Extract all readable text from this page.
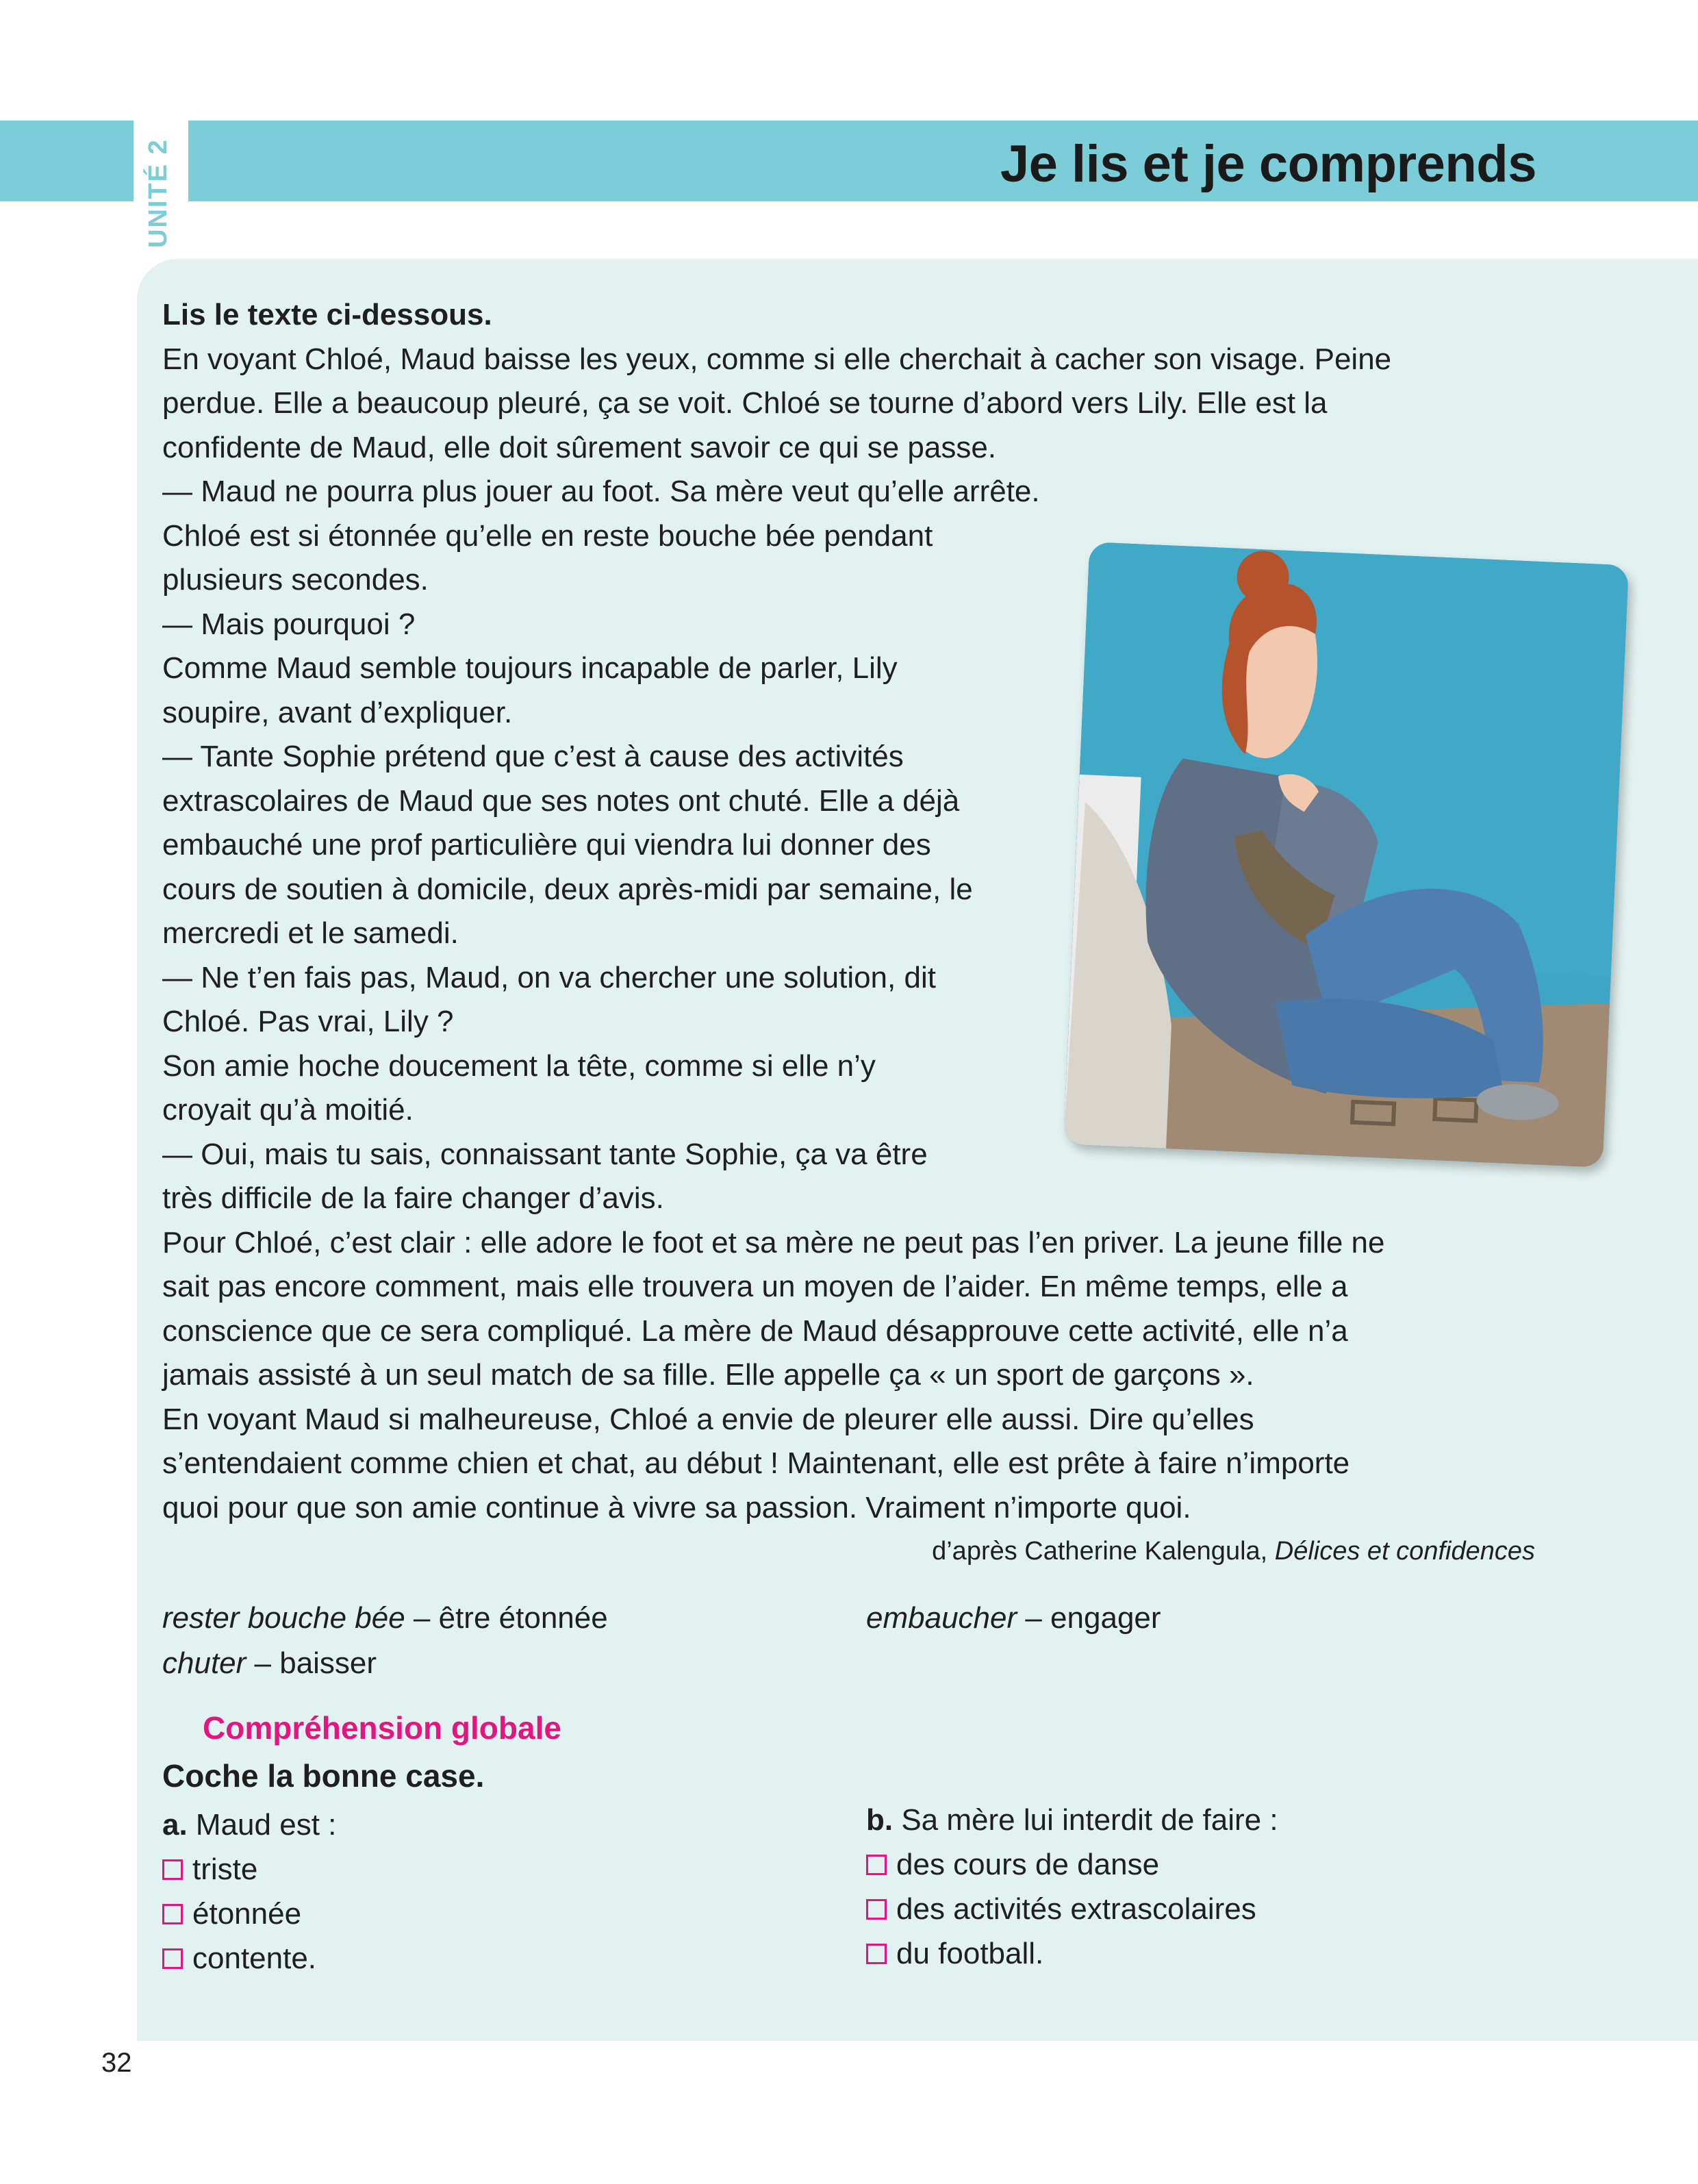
Je lis et je comprends
UNITÉ 2
Lis le texte ci-dessous.

En voyant Chloé, Maud baisse les yeux, comme si elle cherchait à cacher son visage. Peine

perdue. Elle a beaucoup pleuré, ça se voit. Chloé se tourne d’abord vers Lily. Elle est la

confidente de Maud, elle doit sûrement savoir ce qui se passe.

— Maud ne pourra plus jouer au foot. Sa mère veut qu’elle arrête.

Chloé est si étonnée qu’elle en reste bouche bée pendant

plusieurs secondes.

— Mais pourquoi ?

Comme Maud semble toujours incapable de parler, Lily

soupire, avant d’expliquer.

— Tante Sophie prétend que c’est à cause des activités

extrascolaires de Maud que ses notes ont chuté. Elle a déjà

embauché une prof particulière qui viendra lui donner des

cours de soutien à domicile, deux après-midi par semaine, le

mercredi et le samedi.

— Ne t’en fais pas, Maud, on va chercher une solution, dit

Chloé. Pas vrai, Lily ?

Son amie hoche doucement la tête, comme si elle n’y

croyait qu’à moitié.

— Oui, mais tu sais, connaissant tante Sophie, ça va être

très difficile de la faire changer d’avis.

Pour Chloé, c’est clair : elle adore le foot et sa mère ne peut pas l’en priver. La jeune fille ne

sait pas encore comment, mais elle trouvera un moyen de l’aider. En même temps, elle a

conscience que ce sera compliqué. La mère de Maud désapprouve cette activité, elle n’a

jamais assisté à un seul match de sa fille. Elle appelle ça « un sport de garçons ».

En voyant Maud si malheureuse, Chloé a envie de pleurer elle aussi. Dire qu’elles

s’entendaient comme chien et chat, au début ! Maintenant, elle est prête à faire n’importe

quoi pour que son amie continue à vivre sa passion. Vraiment n’importe quoi.

d’après Catherine Kalengula, Délices et confidences
rester bouche bée – être étonnée
chuter – baisser
embaucher – engager
Compréhension globale
Coche la bonne case.
a. Maud est :
triste
étonnée
contente.
b. Sa mère lui interdit de faire :
des cours de danse
des activités extrascolaires
du football.
32
